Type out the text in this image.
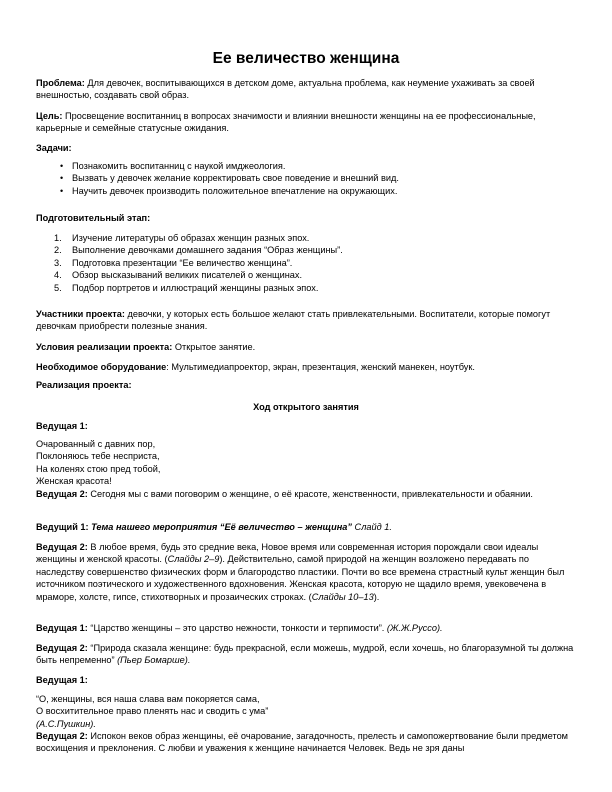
Ее величество женщина
Проблема: Для девочек, воспитывающихся в детском доме, актуальна проблема, как неумение ухаживать за своей внешностью, создавать свой образ.
Цель: Просвещение воспитанниц в вопросах значимости и влиянии внешности женщины на ее профессиональные, карьерные и семейные статусные ожидания.
Задачи:
• Познакомить воспитанниц с наукой имджеология.
• Вызвать у девочек желание корректировать свое поведение и внешний вид.
• Научить девочек производить положительное впечатление на окружающих.
Подготовительный этап:
1. Изучение литературы об образах женщин разных эпох.
2. Выполнение девочками домашнего задания “Образ женщины”.
3. Подготовка презентации “Ее величество женщина”.
4. Обзор высказываний великих писателей о женщинах.
5. Подбор портретов и иллюстраций женщины разных эпох.
Участники проекта: девочки, у которых есть большое желают стать привлекательными. Воспитатели, которые помогут девочкам приобрести полезные знания.
Условия реализации проекта: Открытое занятие.
Необходимое оборудование: Мультимедиапроектор, экран, презентация, женский манекен, ноутбук.
Реализация проекта:
Ход открытого занятия
Ведущая 1:
Очарованный с давних пор,
Поклоняюсь тебе несприста,
На коленях стою пред тобой,
Женская красота!
Ведущая 2: Сегодня мы с вами поговорим о женщине, о её красоте, женственности, привлекательности и обаянии.
Ведущий 1: Тема нашего мероприятия “Её величество – женщина” Слайд 1.
Ведущая 2: В любое время, будь это средние века, Новое время или современная история порождали свои идеалы женщины и женской красоты. (Слайды 2–9). Действительно, самой природой на женщин возложено передавать по наследству совершенство физических форм и благородство пластики. Почти во все времена страстный культ женщин был источником поэтического и художественного вдохновения. Женская красота, которую не щадило время, увековечена в мраморе, холсте, гипсе, стихотворных и прозаических строках. (Слайды 10–13).
Ведущая 1: “Царство женщины – это царство нежности, тонкости и терпимости”. (Ж.Ж.Руссо).
Ведущая 2: “Природа сказала женщине: будь прекрасной, если можешь, мудрой, если хочешь, но благоразумной ты должна быть непременно” (Пьер Бомарше).
Ведущая 1:
“О, женщины, вся наша слава вам покоряется сама,
О восхитительное право пленять нас и сводить с ума”
(А.С.Пушкин).
Ведущая 2: Испокон веков образ женщины, её очарование, загадочность, прелесть и самопожертвование были предметом восхищения и преклонения. С любви и уважения к женщине начинается Человек. Ведь не зря даны
